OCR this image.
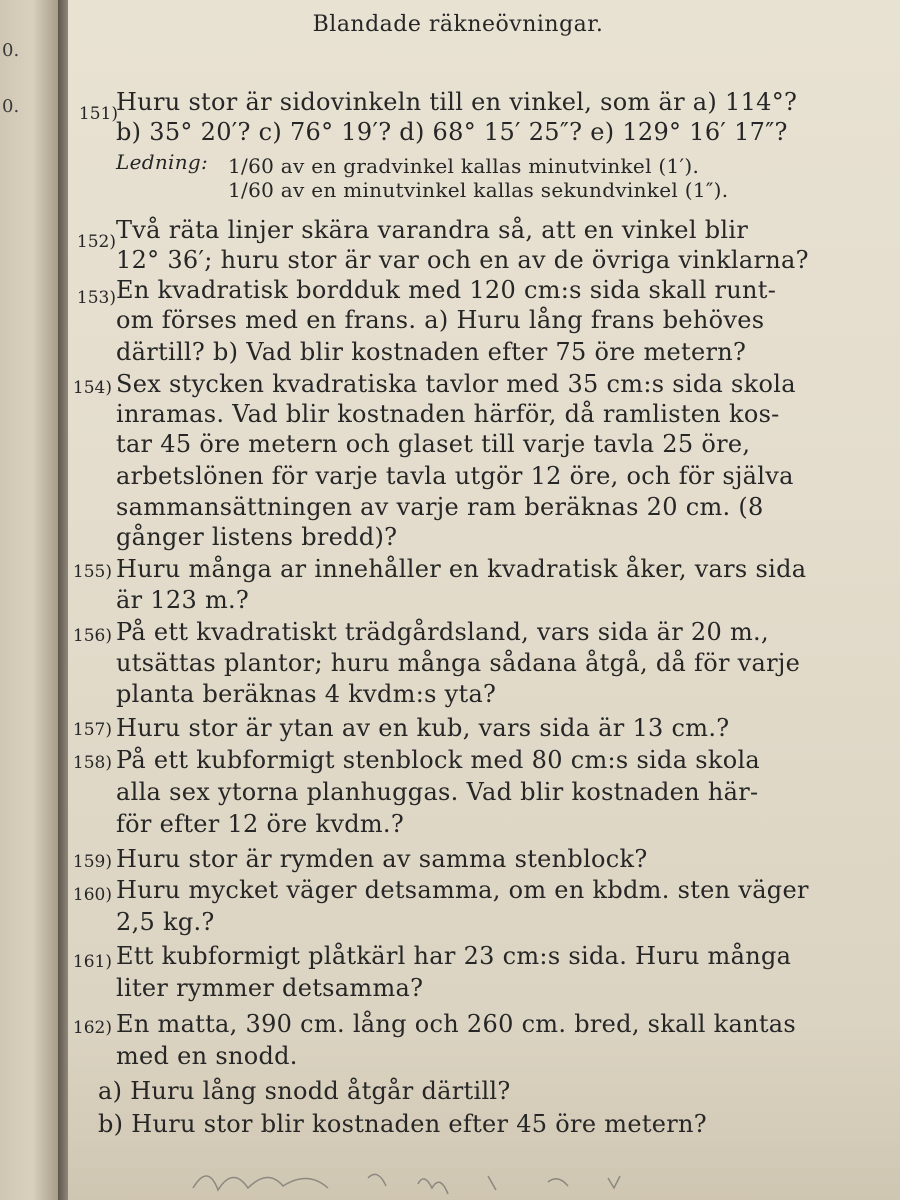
0.
0.
Blandade räkneövningar.
151)
Huru stor är sidovinkeln till en vinkel, som är a) 114°?
b) 35° 20′? c) 76° 19′? d) 68° 15′ 25″? e) 129° 16′ 17″?
Ledning: 1/60 av en gradvinkel kallas minutvinkel (1′).
1/60 av en minutvinkel kallas sekundvinkel (1″).
152) Två räta linjer skära varandra så, att en vinkel blir
12° 36′; huru stor är var och en av de övriga vinklarna?
153) En kvadratisk bordduk med 120 cm:s sida skall runt-
om förses med en frans. a) Huru lång frans behöves
därtill? b) Vad blir kostnaden efter 75 öre metern?
154) Sex stycken kvadratiska tavlor med 35 cm:s sida skola
inramas. Vad blir kostnaden härför, då ramlisten kos-
tar 45 öre metern och glaset till varje tavla 25 öre,
arbetslönen för varje tavla utgör 12 öre, och för själva
sammansättningen av varje ram beräknas 20 cm. (8
gånger listens bredd)?
155) Huru många ar innehåller en kvadratisk åker, vars sida
är 123 m.?
156) På ett kvadratiskt trädgårdsland, vars sida är 20 m.,
utsättas plantor; huru många sådana åtgå, då för varje
planta beräknas 4 kvdm:s yta?
157) Huru stor är ytan av en kub, vars sida är 13 cm.?
158) På ett kubformigt stenblock med 80 cm:s sida skola
alla sex ytorna planhuggas. Vad blir kostnaden här-
för efter 12 öre kvdm.?
159) Huru stor är rymden av samma stenblock?
160) Huru mycket väger detsamma, om en kbdm. sten väger
2,5 kg.?
161) Ett kubformigt plåtkärl har 23 cm:s sida. Huru många
liter rymmer detsamma?
162) En matta, 390 cm. lång och 260 cm. bred, skall kantas
med en snodd.
a) Huru lång snodd åtgår därtill?
b) Huru stor blir kostnaden efter 45 öre metern?
